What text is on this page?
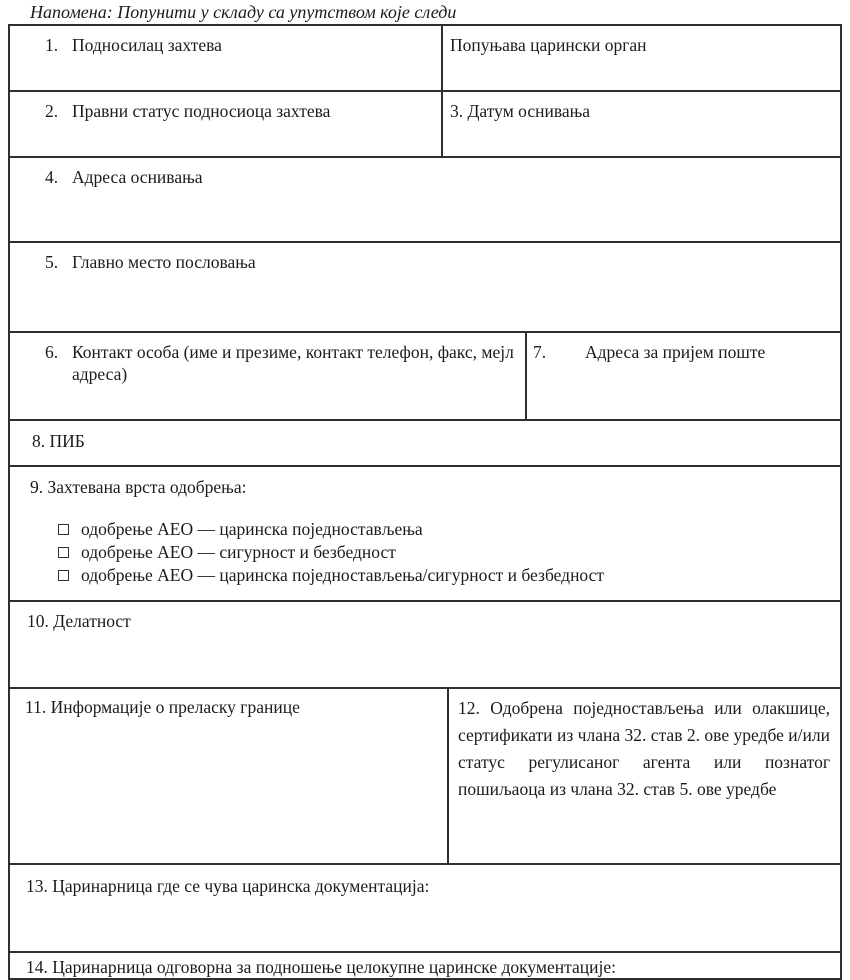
Напомена: Попунити у складу са упутством које следи
1. Подносилац захтева	Попуњава царински орган
2. Правни статус подносиоца захтева	3. Датум оснивања
4. Адреса оснивања
5. Главно место пословања
6. Контакт особа (име и презиме, контакт телефон, факс, мејл адреса)
7.	Адреса за пријем поште
8. ПИБ
9. Захтевана врста одобрења:
одобрење АЕО — царинска поједностављења
одобрење АЕО — сигурност и безбедност
одобрење АЕО — царинска поједностављења/сигурност и безбедност
10. Делатност
11. Информације о преласку границе	12. Одобрена поједностављења или олакшице, сертификати из члана 32. став 2. ове уредбе и/или статус регулисаног агента или познатог пошиљаоца из члана 32. став 5. ове уредбе
13. Царинарница где се чува царинска документација:
14. Царинарница одговорна за подношење целокупне царинске документације:
